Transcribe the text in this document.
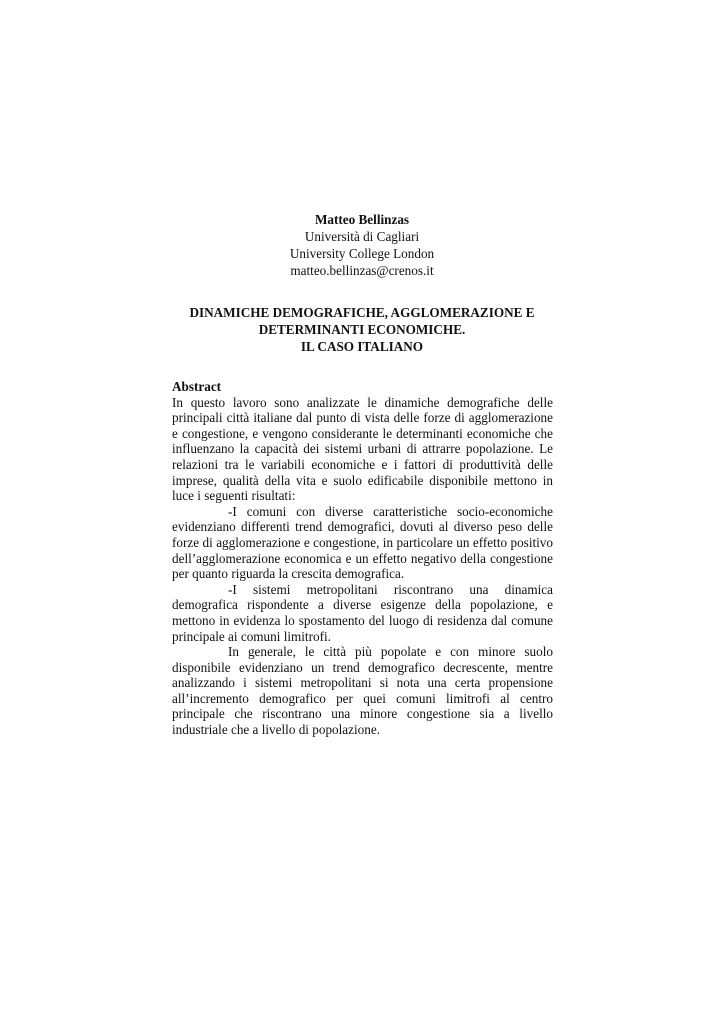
Matteo Bellinzas
Università di Cagliari
University College London
matteo.bellinzas@crenos.it
DINAMICHE DEMOGRAFICHE, AGGLOMERAZIONE E
DETERMINANTI ECONOMICHE.
IL CASO ITALIANO
Abstract

In questo lavoro sono analizzate le dinamiche demografiche delle principali città italiane dal punto di vista delle forze di agglomerazione e congestione, e vengono considerante le determinanti economiche che influenzano la capacità dei sistemi urbani di attrarre popolazione. Le relazioni tra le variabili economiche e i fattori di produttività delle imprese, qualità della vita e suolo edificabile disponibile mettono in luce i seguenti risultati:

-I comuni con diverse caratteristiche socio-economiche evidenziano differenti trend demografici, dovuti al diverso peso delle forze di agglomerazione e congestione, in particolare un effetto positivo dell’agglomerazione economica e un effetto negativo della congestione per quanto riguarda la crescita demografica.

-I sistemi metropolitani riscontrano una dinamica demografica rispondente a diverse esigenze della popolazione, e mettono in evidenza lo spostamento del luogo di residenza dal comune principale ai comuni limitrofi.

In generale, le città più popolate e con minore suolo disponibile evidenziano un trend demografico decrescente, mentre analizzando i sistemi metropolitani si nota una certa propensione all’incremento demografico per quei comuni limitrofi al centro principale che riscontrano una minore congestione sia a livello industriale che a livello di popolazione.
